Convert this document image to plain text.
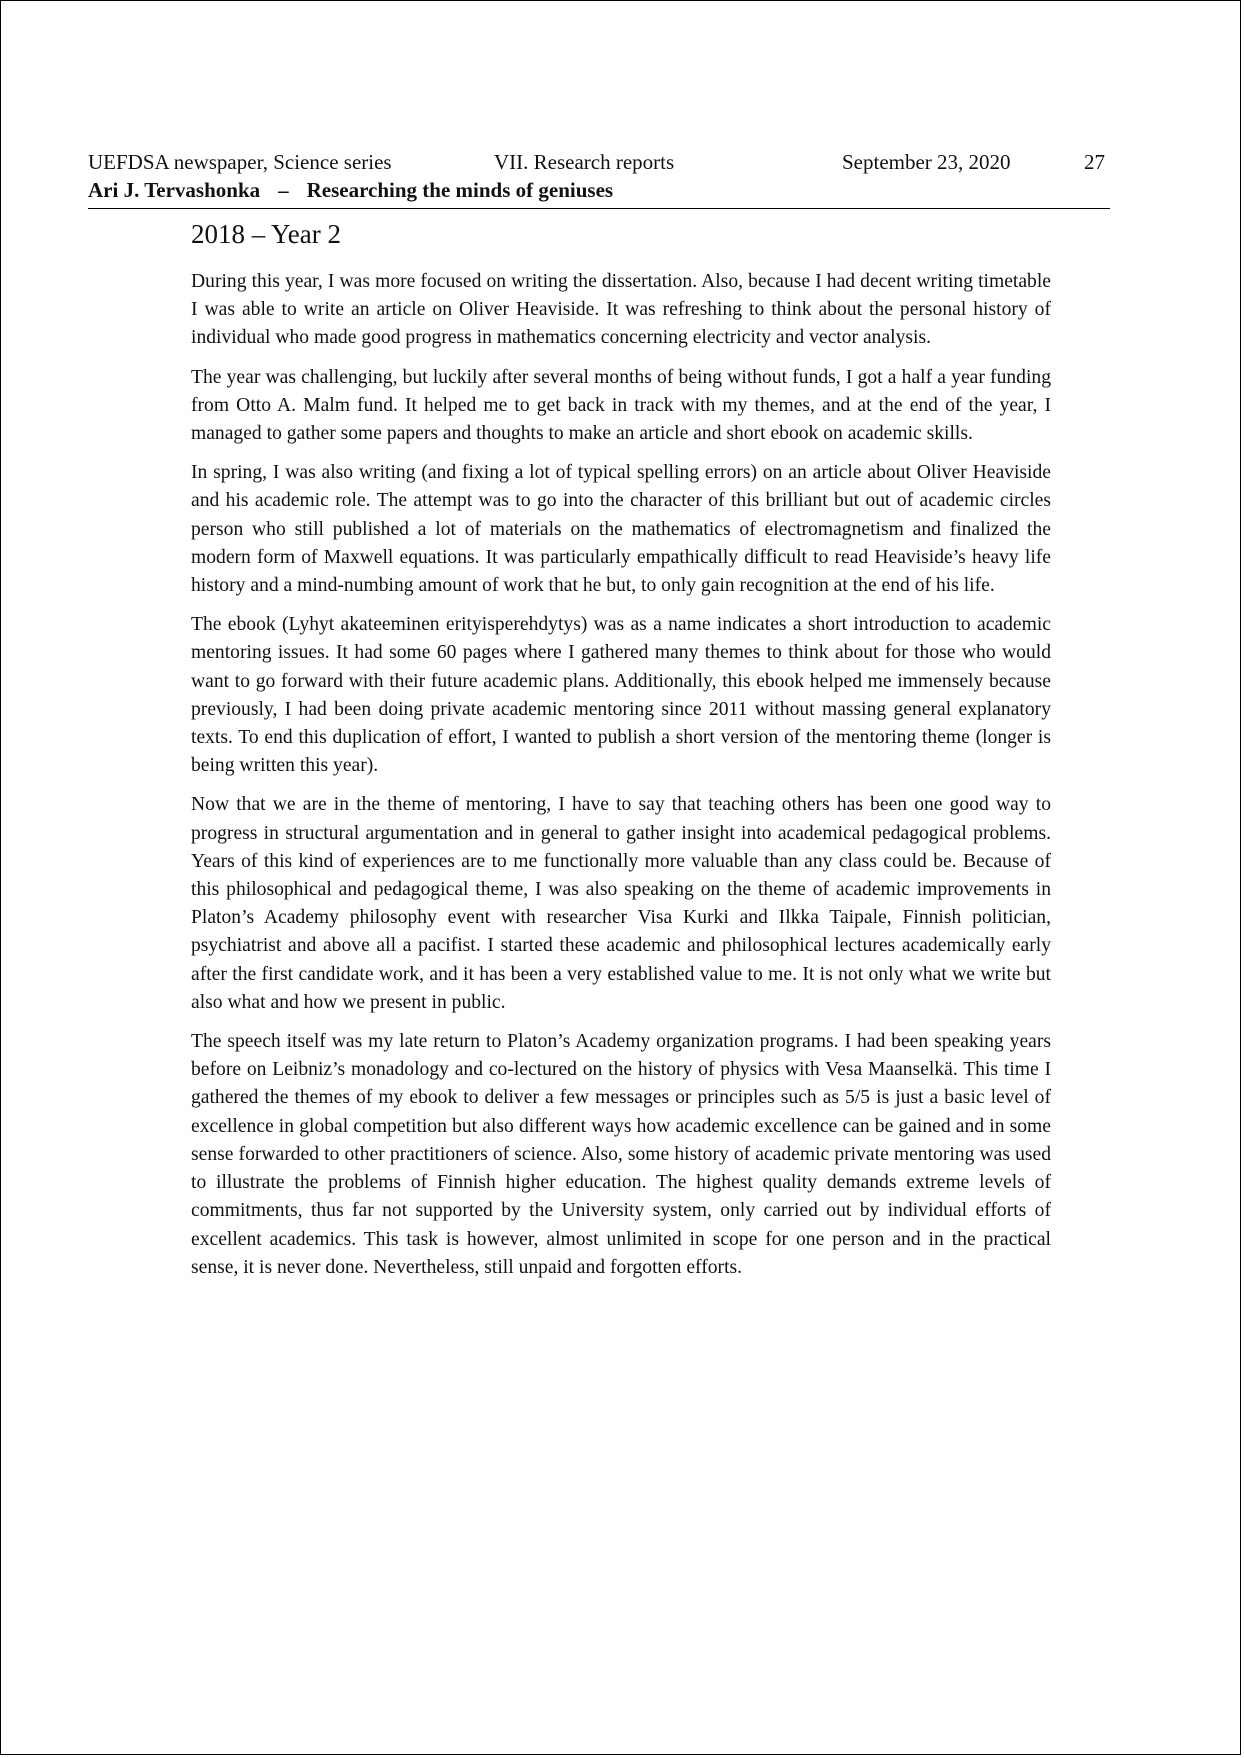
UEFDSA newspaper, Science series	VII. Research reports	September 23, 2020	27
Ari J. Tervashonka – Researching the minds of geniuses
2018 – Year 2

During this year, I was more focused on writing the dissertation. Also, because I had decent writing timetable I was able to write an article on Oliver Heaviside. It was refreshing to think about the personal history of individual who made good progress in mathematics concerning electricity and vector analysis.

The year was challenging, but luckily after several months of being without funds, I got a half a year funding from Otto A. Malm fund. It helped me to get back in track with my themes, and at the end of the year, I managed to gather some papers and thoughts to make an article and short ebook on academic skills.

In spring, I was also writing (and fixing a lot of typical spelling errors) on an article about Oliver Heaviside and his academic role. The attempt was to go into the character of this brilliant but out of academic circles person who still published a lot of materials on the mathematics of electromagnetism and finalized the modern form of Maxwell equations. It was particularly empathically difficult to read Heaviside’s heavy life history and a mind-numbing amount of work that he but, to only gain recognition at the end of his life.

The ebook (Lyhyt akateeminen erityisperehdytys) was as a name indicates a short introduction to academic mentoring issues. It had some 60 pages where I gathered many themes to think about for those who would want to go forward with their future academic plans. Additionally, this ebook helped me immensely because previously, I had been doing private academic mentoring since 2011 without massing general explanatory texts. To end this duplication of effort, I wanted to publish a short version of the mentoring theme (longer is being written this year).

Now that we are in the theme of mentoring, I have to say that teaching others has been one good way to progress in structural argumentation and in general to gather insight into academical pedagogical problems. Years of this kind of experiences are to me functionally more valuable than any class could be. Because of this philosophical and pedagogical theme, I was also speaking on the theme of academic improvements in Platon’s Academy philosophy event with researcher Visa Kurki and Ilkka Taipale, Finnish politician, psychiatrist and above all a pacifist. I started these academic and philosophical lectures academically early after the first candidate work, and it has been a very established value to me. It is not only what we write but also what and how we present in public.

The speech itself was my late return to Platon’s Academy organization programs. I had been speaking years before on Leibniz’s monadology and co-lectured on the history of physics with Vesa Maanselkä. This time I gathered the themes of my ebook to deliver a few messages or principles such as 5/5 is just a basic level of excellence in global competition but also different ways how academic excellence can be gained and in some sense forwarded to other practitioners of science. Also, some history of academic private mentoring was used to illustrate the problems of Finnish higher education. The highest quality demands extreme levels of commitments, thus far not supported by the University system, only carried out by individual efforts of excellent academics. This task is however, almost unlimited in scope for one person and in the practical sense, it is never done. Nevertheless, still unpaid and forgotten efforts.
